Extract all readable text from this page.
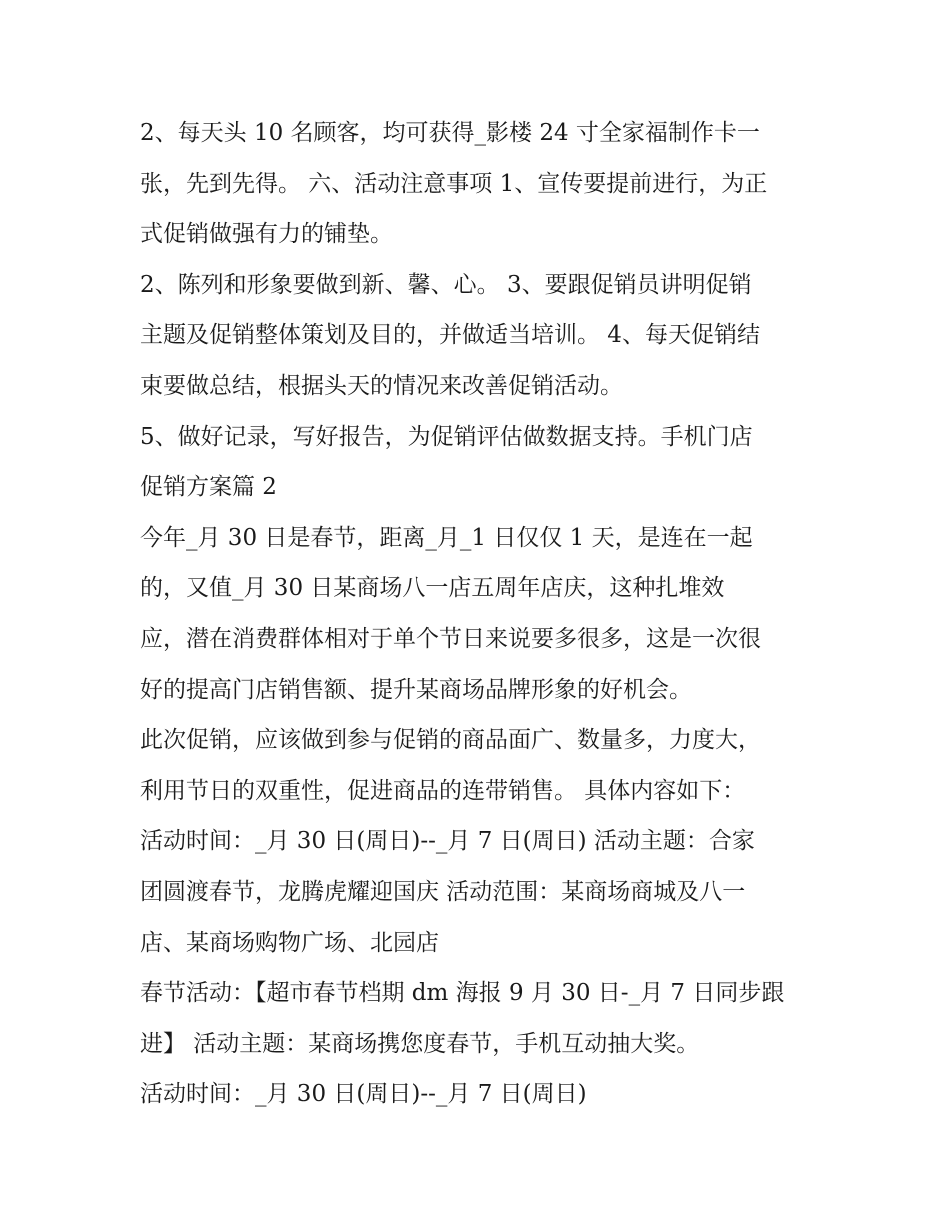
2、每天头 10 名顾客，均可获得_影楼 24 寸全家福制作卡一
张，先到先得。 六、活动注意事项 1、宣传要提前进行，为正
式促销做强有力的铺垫。
2、陈列和形象要做到新、馨、心。 3、要跟促销员讲明促销
主题及促销整体策划及目的，并做适当培训。 4、每天促销结
束要做总结，根据头天的情况来改善促销活动。
5、做好记录，写好报告，为促销评估做数据支持。手机门店
促销方案篇 2
今年_月 30 日是春节，距离_月_1 日仅仅 1 天，是连在一起
的，又值_月 30 日某商场八一店五周年店庆，这种扎堆效
应，潜在消费群体相对于单个节日来说要多很多，这是一次很
好的提高门店销售额、提升某商场品牌形象的好机会。
此次促销，应该做到参与促销的商品面广、数量多，力度大，
利用节日的双重性，促进商品的连带销售。 具体内容如下：
活动时间：_月 30 日(周日)--_月 7 日(周日) 活动主题：合家
团圆渡春节，龙腾虎耀迎国庆 活动范围：某商场商城及八一
店、某商场购物广场、北园店
春节活动：【超市春节档期 dm 海报 9 月 30 日-_月 7 日同步跟
进】 活动主题：某商场携您度春节，手机互动抽大奖。
活动时间：_月 30 日(周日)--_月 7 日(周日)
